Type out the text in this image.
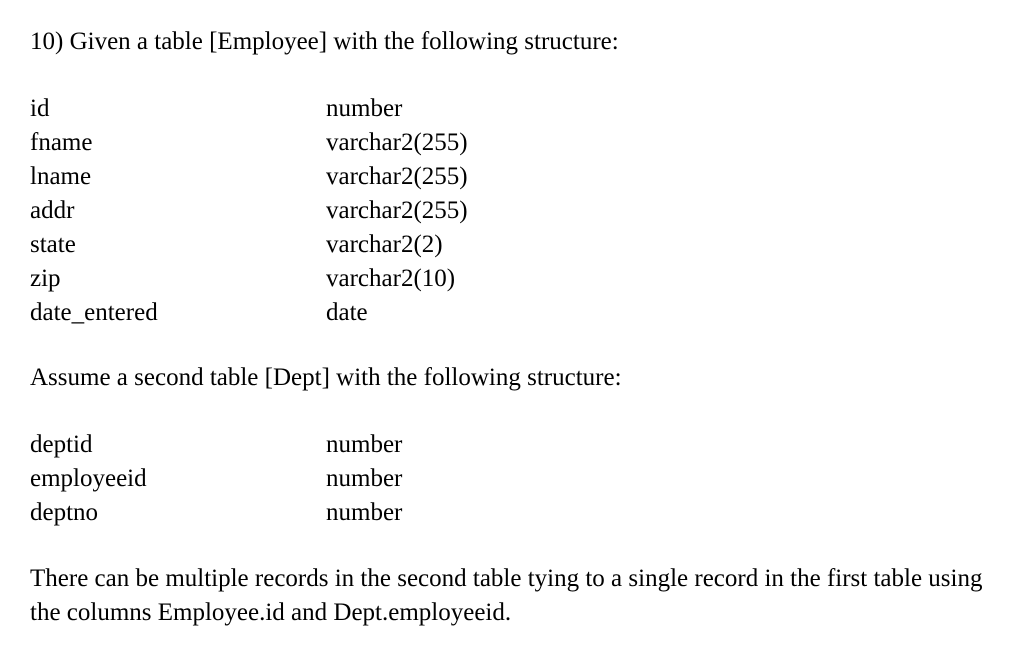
10) Given a table [Employee] with the following structure:
id	number
fname	varchar2(255)
lname	varchar2(255)
addr	varchar2(255)
state	varchar2(2)
zip	varchar2(10)
date_entered	date
Assume a second table [Dept] with the following structure:
deptid	number
employeeid	number
deptno	number

There can be multiple records in the second table tying to a single record in the first table using the columns Employee.id and Dept.employeeid.
